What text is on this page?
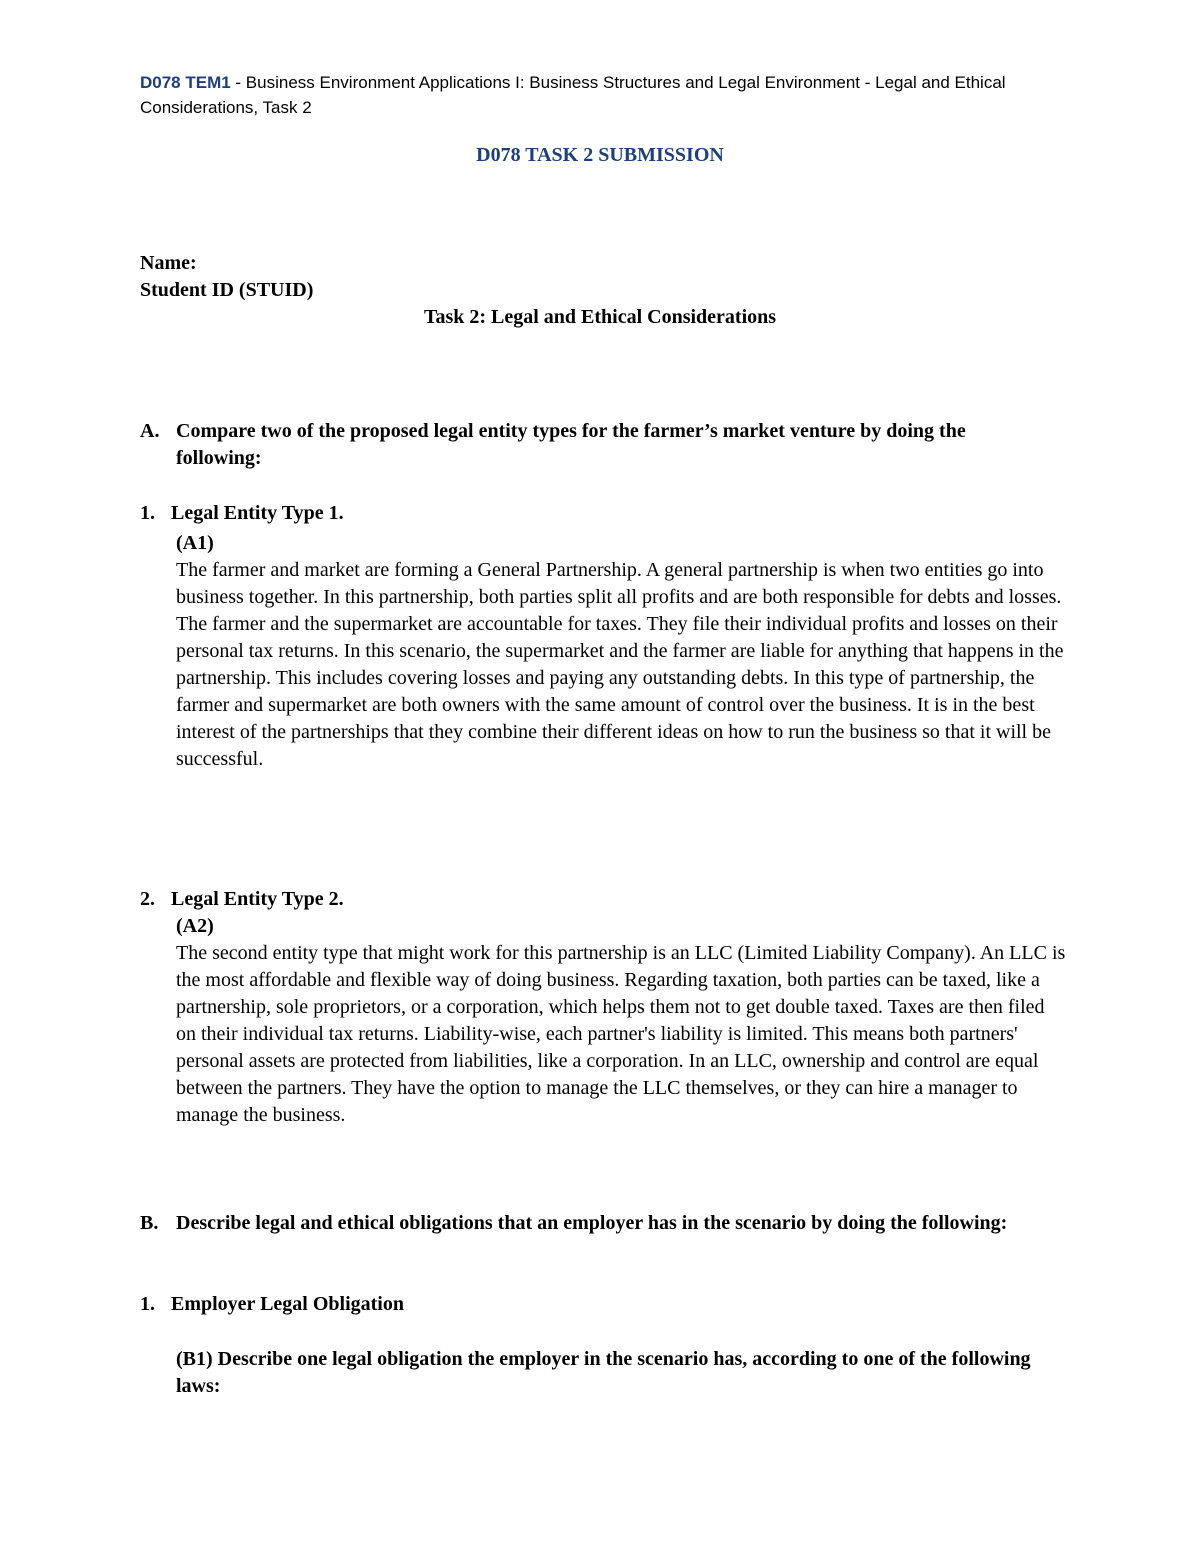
D078 TEM1 - Business Environment Applications I: Business Structures and Legal Environment - Legal and Ethical Considerations, Task 2
D078 TASK 2 SUBMISSION
Name:
Student ID (STUID)
Task 2: Legal and Ethical Considerations
A. Compare two of the proposed legal entity types for the farmer’s market venture by doing the following:
1. Legal Entity Type 1.
(A1)
The farmer and market are forming a General Partnership. A general partnership is when two entities go into business together. In this partnership, both parties split all profits and are both responsible for debts and losses. The farmer and the supermarket are accountable for taxes. They file their individual profits and losses on their personal tax returns. In this scenario, the supermarket and the farmer are liable for anything that happens in the partnership. This includes covering losses and paying any outstanding debts. In this type of partnership, the farmer and supermarket are both owners with the same amount of control over the business. It is in the best interest of the partnerships that they combine their different ideas on how to run the business so that it will be successful.
2. Legal Entity Type 2.
(A2)
The second entity type that might work for this partnership is an LLC (Limited Liability Company). An LLC is the most affordable and flexible way of doing business. Regarding taxation, both parties can be taxed, like a partnership, sole proprietors, or a corporation, which helps them not to get double taxed. Taxes are then filed on their individual tax returns. Liability-wise, each partner's liability is limited. This means both partners' personal assets are protected from liabilities, like a corporation. In an LLC, ownership and control are equal between the partners. They have the option to manage the LLC themselves, or they can hire a manager to manage the business.
B. Describe legal and ethical obligations that an employer has in the scenario by doing the following:
1. Employer Legal Obligation
(B1) Describe one legal obligation the employer in the scenario has, according to one of the following laws:
